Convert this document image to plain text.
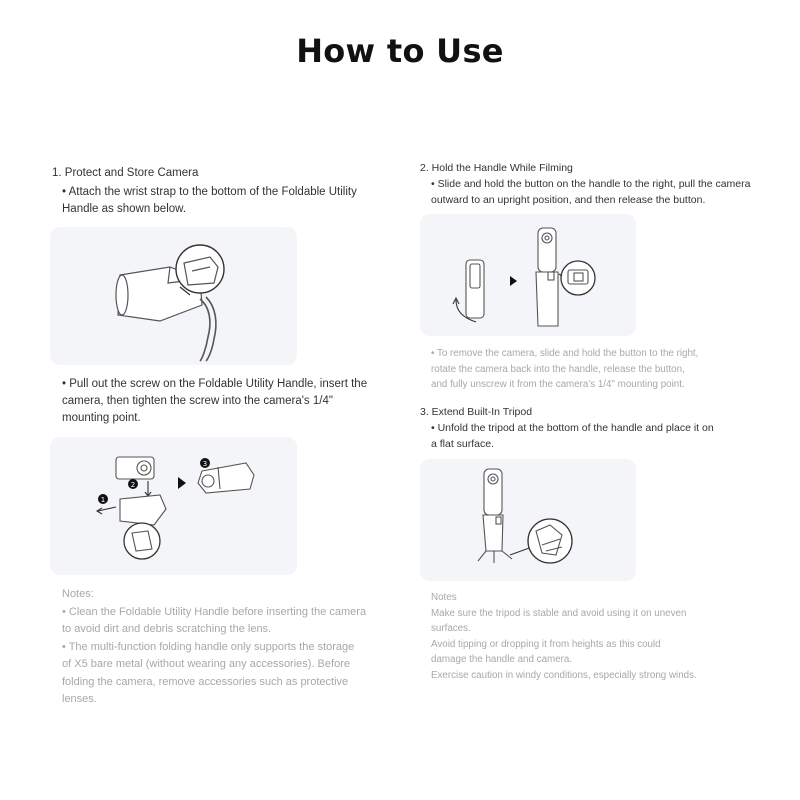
How to Use
1. Protect and Store Camera
• Attach the wrist strap to the bottom of the Foldable Utility
Handle as shown below.
• Pull out the screw on the Foldable Utility Handle, insert the
camera, then tighten the screw into the camera's 1/4"
mounting point.
1
2
3
Notes:
• Clean the Foldable Utility Handle before inserting the camera
to avoid dirt and debris scratching the lens.
• The multi-function folding handle only supports the storage
of X5 bare metal (without wearing any accessories). Before
folding the camera, remove accessories such as protective
lenses.
2. Hold the Handle While Filming
• Slide and hold the button on the handle to the right, pull the camera
outward to an upright position, and then release the button.
• To remove the camera, slide and hold the button to the right,
rotate the camera back into the handle, release the button,
and fully unscrew it from the camera's 1/4" mounting point.
3. Extend Built-In Tripod
• Unfold the tripod at the bottom of the handle and place it on
a flat surface.
Notes
Make sure the tripod is stable and avoid using it on uneven
surfaces.
Avoid tipping or dropping it from heights as this could
damage the handle and camera.
Exercise caution in windy conditions, especially strong winds.
